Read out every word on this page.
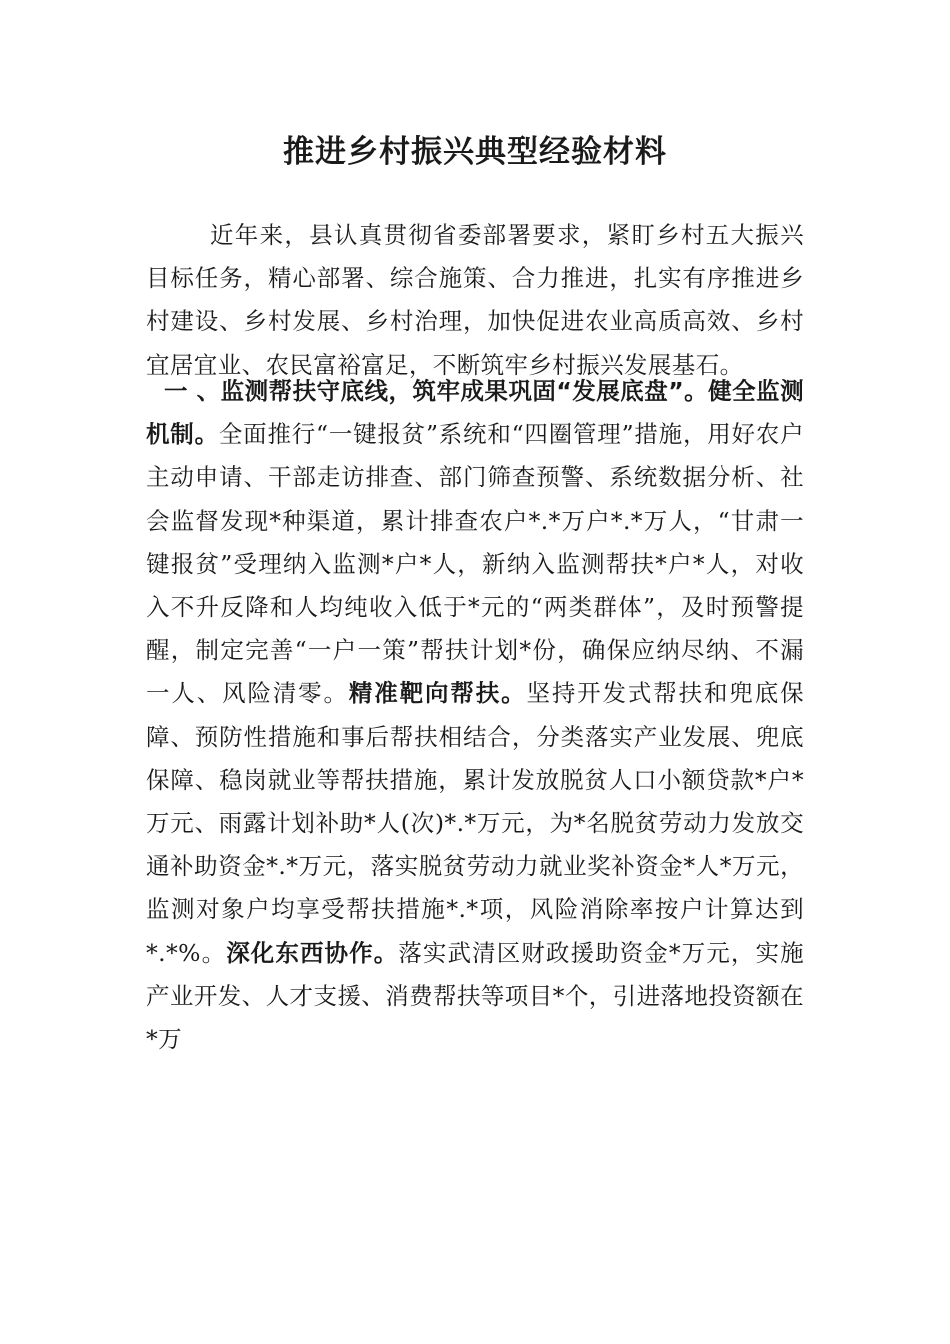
推进乡村振兴典型经验材料

近年来，县认真贯彻省委部署要求，紧盯乡村五大振兴目标任务，精心部署、综合施策、合力推进，扎实有序推进乡村建设、乡村发展、乡村治理，加快促进农业高质高效、乡村宜居宜业、农民富裕富足，不断筑牢乡村振兴发展基石。

一 、监测帮扶守底线，筑牢成果巩固“发展底盘”。健全监测机制。全面推行“一键报贫”系统和“四圈管理”措施，用好农户主动申请、干部走访排查、部门筛查预警、系统数据分析、社会监督发现*种渠道，累计排查农户*.*万户*.*万人，“甘肃一键报贫”受理纳入监测*户*人，新纳入监测帮扶*户*人，对收入不升反降和人均纯收入低于*元的“两类群体”，及时预警提醒，制定完善“一户一策”帮扶计划*份，确保应纳尽纳、不漏一人、风险清零。精准靶向帮扶。坚持开发式帮扶和兜底保障、预防性措施和事后帮扶相结合，分类落实产业发展、兜底保障、稳岗就业等帮扶措施，累计发放脱贫人口小额贷款*户*万元、雨露计划补助*人(次)*.*万元，为*名脱贫劳动力发放交通补助资金*.*万元，落实脱贫劳动力就业奖补资金*人*万元，监测对象户均享受帮扶措施*.*项，风险消除率按户计算达到*.*%。深化东西协作。落实武清区财政援助资金*万元，实施产业开发、人才支援、消费帮扶等项目*个，引进落地投资额在*万
